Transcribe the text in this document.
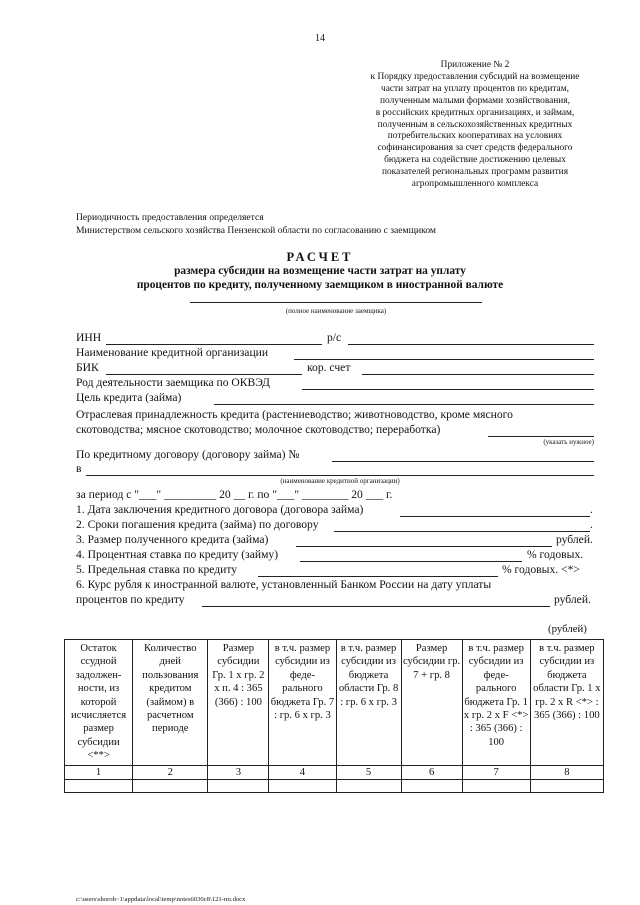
14
Приложение № 2
к Порядку предоставления субсидий на возмещение
части затрат на уплату процентов по кредитам,
полученным малыми формами хозяйствования,
в российских кредитных организациях, и займам,
полученным в сельскохозяйственных кредитных
потребительских кооперативах на условиях
софинансирования за счет средств федерального
бюджета на содействие достижению целевых
показателей региональных программ развития
агропромышленного комплекса
Периодичность предоставления определяется
Министерством сельского хозяйства Пензенской области по согласованию с заемщиком
РАСЧЕТ
размера субсидии на возмещение части затрат на уплату
процентов по кредиту, полученному заемщиком в иностранной валюте
(полное наименование заемщика)
ИНН	р/с
Наименование кредитной организации
БИК	кор. счет
Род деятельности заемщика по ОКВЭД
Цель кредита (займа)
Отраслевая принадлежность кредита (растениеводство; животноводство, кроме мясного
скотоводства; мясное скотоводство; молочное скотоводство; переработка)
(указать нужное)
По кредитному договору (договору займа) №
в
(наименование кредитной организации)
за период с "___" _________ 20 __ г. по "___" ________ 20 ___ г.
1. Дата заключения кредитного договора (договора займа)	.
2. Сроки погашения кредита (займа) по договору	.
3. Размер полученного кредита (займа)	рублей.
4. Процентная ставка по кредиту (займу)	% годовых.
5. Предельная ставка по кредиту	% годовых. <*>
6. Курс рубля к иностранной валюте, установленный Банком России на дату уплаты
процентов по кредиту	рублей.
(рублей)
Остаток ссудной задолжен-ности, из которой исчисляется размер субсидии <**>	Количество дней пользования кредитом (займом) в расчетном периоде	Размер субсидии Гр. 1 x гр. 2 x п. 4 : 365 (366) : 100	в т.ч. размер субсидии из феде-рального бюджета Гр. 7 : гр. 6 x гр. 3	в т.ч. размер субсидии из бюджета области Гр. 8 : гр. 6 x гр. 3	Размер субсидии гр. 7 + гр. 8	в т.ч. размер субсидии из феде-рального бюджета Гр. 1 x гр. 2 x F <*> : 365 (366) : 100	в т.ч. размер субсидии из бюджета области Гр. 1 x гр. 2 x R <*> : 365 (366) : 100
1	2	3	4	5	6	7	8

c:\users\shoroh~1\appdata\local\temp\notes6030c8\121-пп.docx
